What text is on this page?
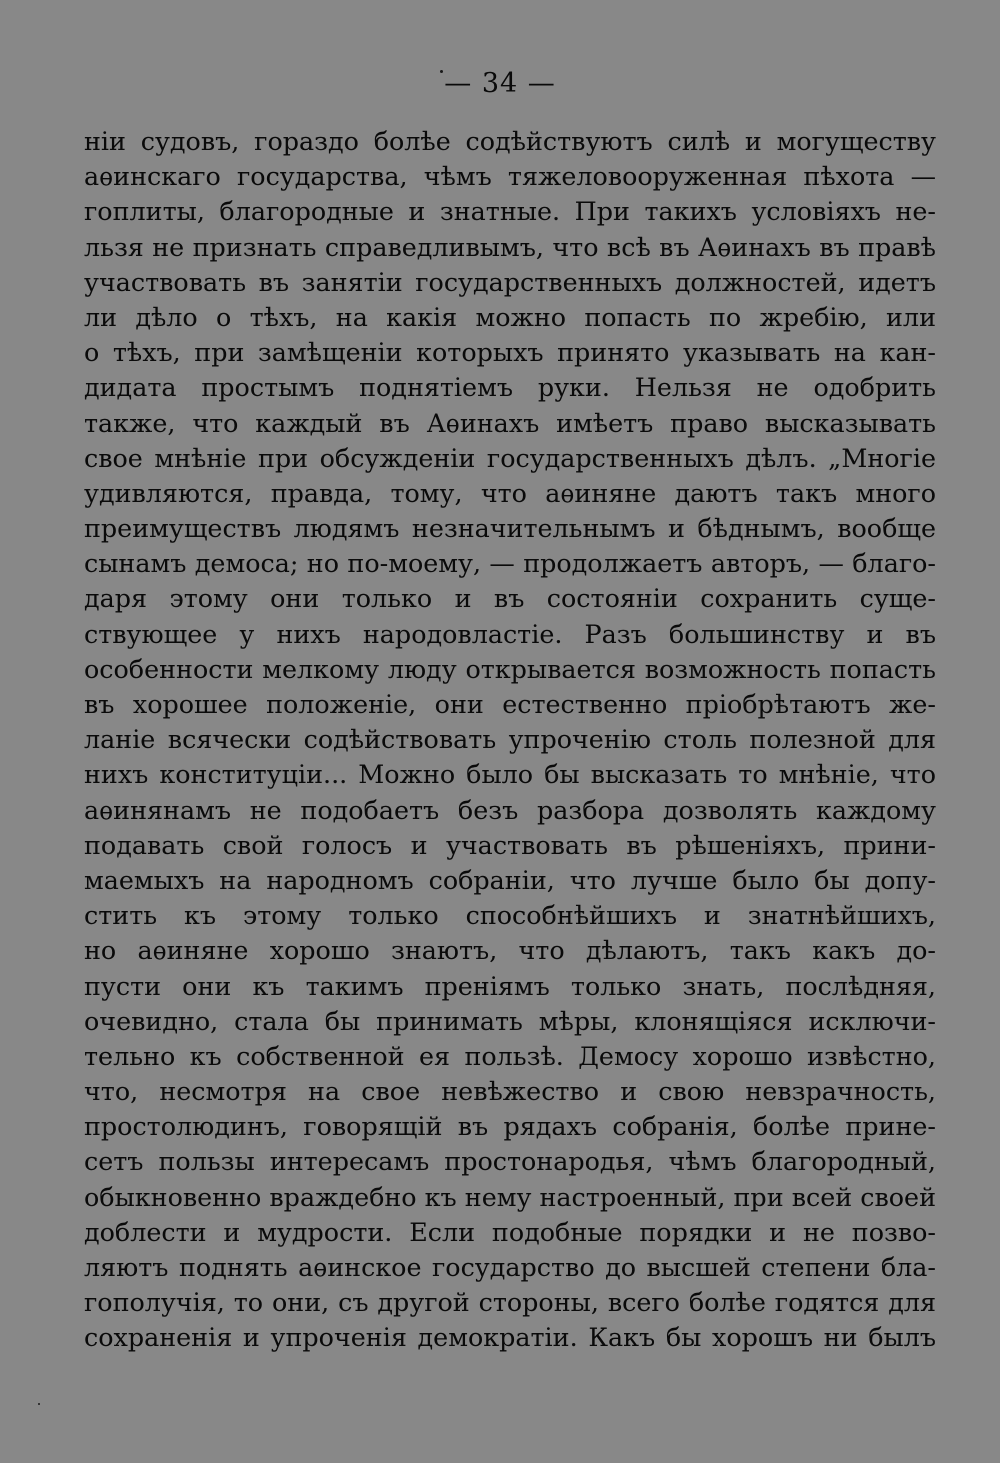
— 34 —
нiи судовъ, гораздо болѣе содѣйствуютъ силѣ и могуществу
аѳинскаго государства, чѣмъ тяжеловооруженная пѣхота —
гоплиты, благородные и знатные. При такихъ условiяхъ не-
льзя не признать справедливымъ, что всѣ въ Аѳинахъ въ правѣ
участвовать въ занятiи государственныхъ должностей, идетъ
ли дѣло о тѣхъ, на какiя можно попасть по жребiю, или
о тѣхъ, при замѣщенiи которыхъ принято указывать на кан-
дидата простымъ поднятiемъ руки. Нельзя не одобрить
также, что каждый въ Аѳинахъ имѣетъ право высказывать
свое мнѣнiе при обсужденiи государственныхъ дѣлъ. „Многiе
удивляются, правда, тому, что аѳиняне даютъ такъ много
преимуществъ людямъ незначительнымъ и бѣднымъ, вообще
сынамъ демоса; но по-моему, — продолжаетъ авторъ, — благо-
даря этому они только и въ состоянiи сохранить суще-
ствующее у нихъ народовластiе. Разъ большинству и въ
особенности мелкому люду открывается возможность попасть
въ хорошее положенiе, они естественно прiобрѣтаютъ же-
ланiе всячески содѣйствовать упроченiю столь полезной для
нихъ конституцiи... Можно было бы высказать то мнѣнiе, что
аѳинянамъ не подобаетъ безъ разбора дозволять каждому
подавать свой голосъ и участвовать въ рѣшенiяхъ, прини-
маемыхъ на народномъ собранiи, что лучше было бы допу-
стить къ этому только способнѣйшихъ и знатнѣйшихъ,
но аѳиняне хорошо знаютъ, что дѣлаютъ, такъ какъ до-
пусти они къ такимъ пренiямъ только знать, послѣдняя,
очевидно, стала бы принимать мѣры, клонящiяся исключи-
тельно къ собственной ея пользѣ. Демосу хорошо извѣстно,
что, несмотря на свое невѣжество и свою невзрачность,
простолюдинъ, говорящiй въ рядахъ собранiя, болѣе прине-
сетъ пользы интересамъ простонародья, чѣмъ благородный,
обыкновенно враждебно къ нему настроенный, при всей своей
доблести и мудрости. Если подобные порядки и не позво-
ляютъ поднять аѳинское государство до высшей степени бла-
гополучiя, то они, съ другой стороны, всего болѣе годятся для
сохраненiя и упроченiя демократiи. Какъ бы хорошъ ни былъ
